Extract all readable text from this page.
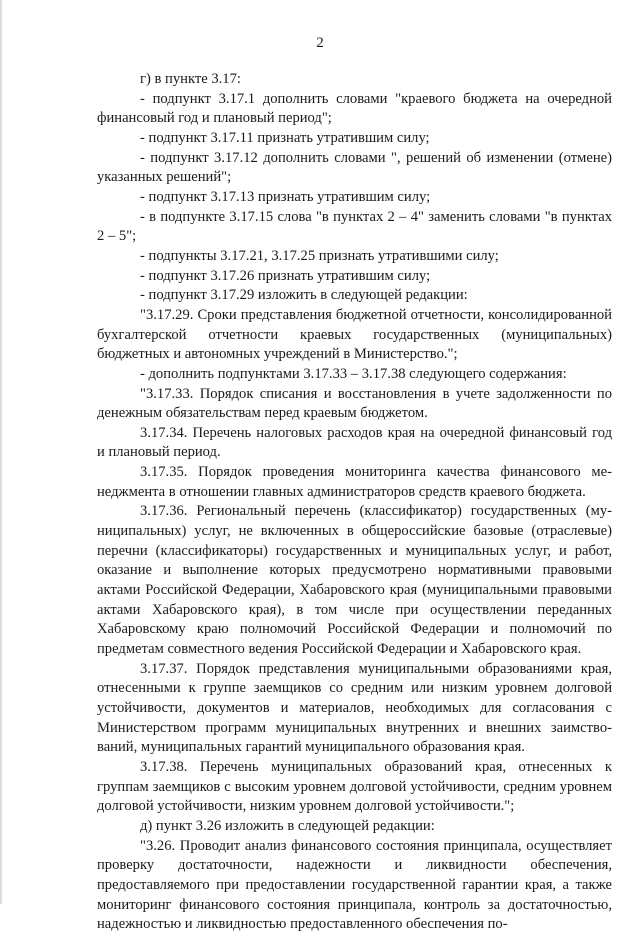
2

г) в пункте 3.17:

- подпункт 3.17.1 дополнить словами "краевого бюджета на очередной финансовый год и плановый период";

- подпункт 3.17.11 признать утратившим силу;

- подпункт 3.17.12 дополнить словами ", решений об изменении (отмене) указанных решений";

- подпункт 3.17.13 признать утратившим силу;

- в подпункте 3.17.15 слова "в пунктах 2 – 4" заменить словами "в пунктах 2 – 5";

- подпункты 3.17.21, 3.17.25 признать утратившими силу;

- подпункт 3.17.26 признать утратившим силу;

- подпункт 3.17.29 изложить в следующей редакции:

"3.17.29. Сроки представления бюджетной отчетности, консолидированной бухгалтерской отчетности краевых государственных (муниципальных) бюджетных и автономных учреждений в Министерство.";

- дополнить подпунктами 3.17.33 – 3.17.38 следующего содержания:

"3.17.33. Порядок списания и восстановления в учете задолженности по денежным обязательствам перед краевым бюджетом.

3.17.34. Перечень налоговых расходов края на очередной финансовый год и плановый период.

3.17.35. Порядок проведения мониторинга качества финансового менеджмента в отношении главных администраторов средств краевого бюджета.

3.17.36. Региональный перечень (классификатор) государственных (муниципальных) услуг, не включенных в общероссийские базовые (отраслевые) перечни (классификаторы) государственных и муниципальных услуг, и работ, оказание и выполнение которых предусмотрено нормативными правовыми актами Российской Федерации, Хабаровского края (муниципальными правовыми актами Хабаровского края), в том числе при осуществлении переданных Хабаровскому краю полномочий Российской Федерации и полномочий по предметам совместного ведения Российской Федерации и Хабаровского края.

3.17.37. Порядок представления муниципальными образованиями края, отнесенными к группе заемщиков со средним или низким уровнем долговой устойчивости, документов и материалов, необходимых для согласования с Министерством программ муниципальных внутренних и внешних заимствований, муниципальных гарантий муниципального образования края.

3.17.38. Перечень муниципальных образований края, отнесенных к группам заемщиков с высоким уровнем долговой устойчивости, средним уровнем долговой устойчивости, низким уровнем долговой устойчивости.";

д) пункт 3.26 изложить в следующей редакции:

"3.26. Проводит анализ финансового состояния принципала, осуществляет проверку достаточности, надежности и ликвидности обеспечения, предоставляемого при предоставлении государственной гарантии края, а также мониторинг финансового состояния принципала, контроль за достаточностью, надежностью и ликвидностью предоставленного обеспечения по-
